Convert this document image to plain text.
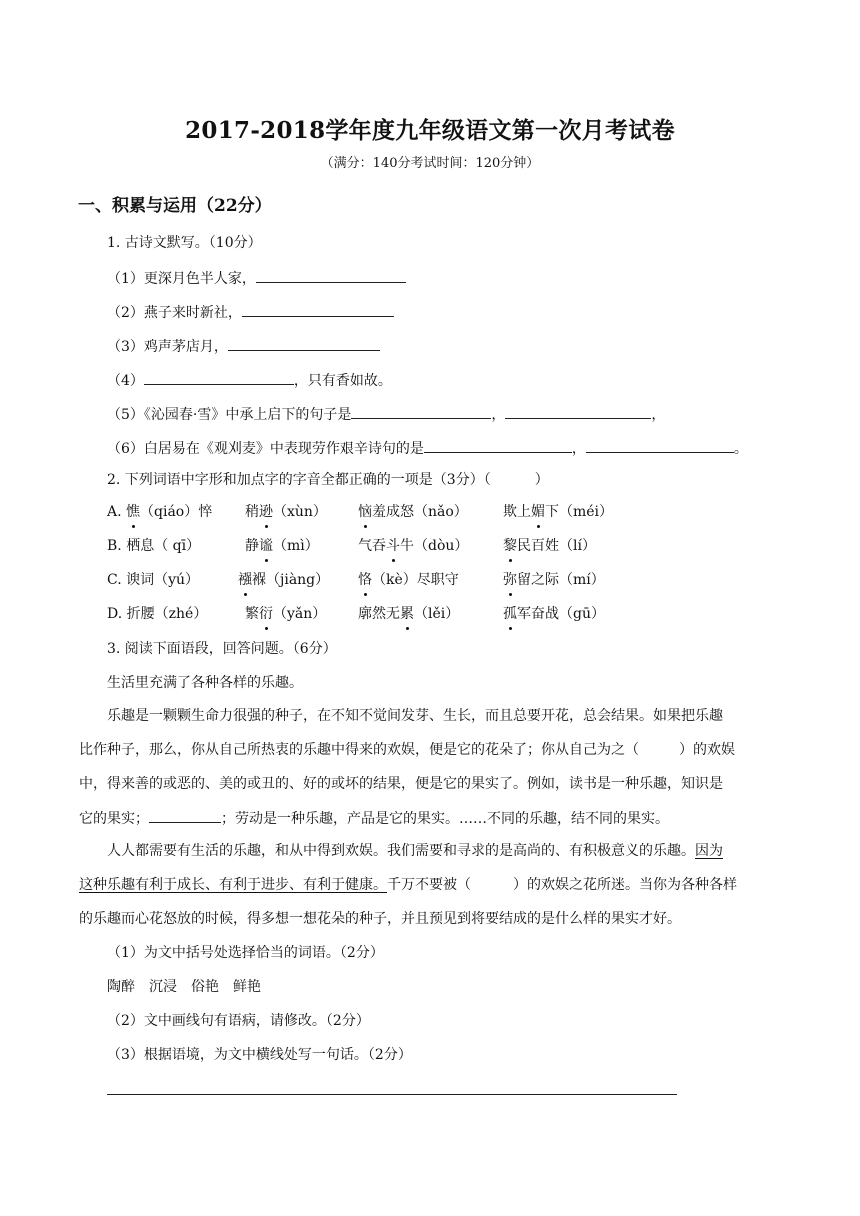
2017-2018学年度九年级语文第一次月考试卷
（满分：140分考试时间：120分钟）
一、积累与运用（22分）
1. 古诗文默写。（10分）
（1）更深月色半人家，
（2）燕子来时新社，
（3）鸡声茅店月，
（4）	，只有香如故。
（5）《沁园春·雪》中承上启下的句子是	，	，
（6）白居易在《观刈麦》中表现劳作艰辛诗句的是	，	。
2. 下列词语中字形和加点字的字音全都正确的一项是（3分）（	）
A. 憔（qiáo）悴 稍逊（xùn） 恼羞成怒（nǎo）	欺上媚下（méi）
B. 栖息（ qī）	静谧（mì）	气吞斗牛（dòu） 黎民百姓（lí）
C. 谀词（yú）	襁褓（jiàng） 恪（kè）尽职守	弥留之际（mí）
D. 折腰（zhé）	繁衍（yǎn） 廓然无累（lěi）	孤军奋战（gū）
3. 阅读下面语段，回答问题。（6分）
生活里充满了各种各样的乐趣。
乐趣是一颗颗生命力很强的种子，在不知不觉间发芽、生长，而且总要开花，总会结果。如果把乐趣
比作种子，那么，你从自己所热衷的乐趣中得来的欢娱，便是它的花朵了；你从自己为之（	）的欢娱
中，得来善的或恶的、美的或丑的、好的或坏的结果，便是它的果实了。例如，读书是一种乐趣，知识是
它的果实；	；劳动是一种乐趣，产品是它的果实。……不同的乐趣，结不同的果实。
人人都需要有生活的乐趣，和从中得到欢娱。我们需要和寻求的是高尚的、有积极意义的乐趣。因为
这种乐趣有利于成长、有利于进步、有利于健康。千万不要被（	）的欢娱之花所迷。当你为各种各样
的乐趣而心花怒放的时候，得多想一想花朵的种子，并且预见到将要结成的是什么样的果实才好。
（1）为文中括号处选择恰当的词语。（2分）
陶醉　沉浸　俗艳　鲜艳
（2）文中画线句有语病，请修改。（2分）
（3）根据语境，为文中横线处写一句话。（2分）
